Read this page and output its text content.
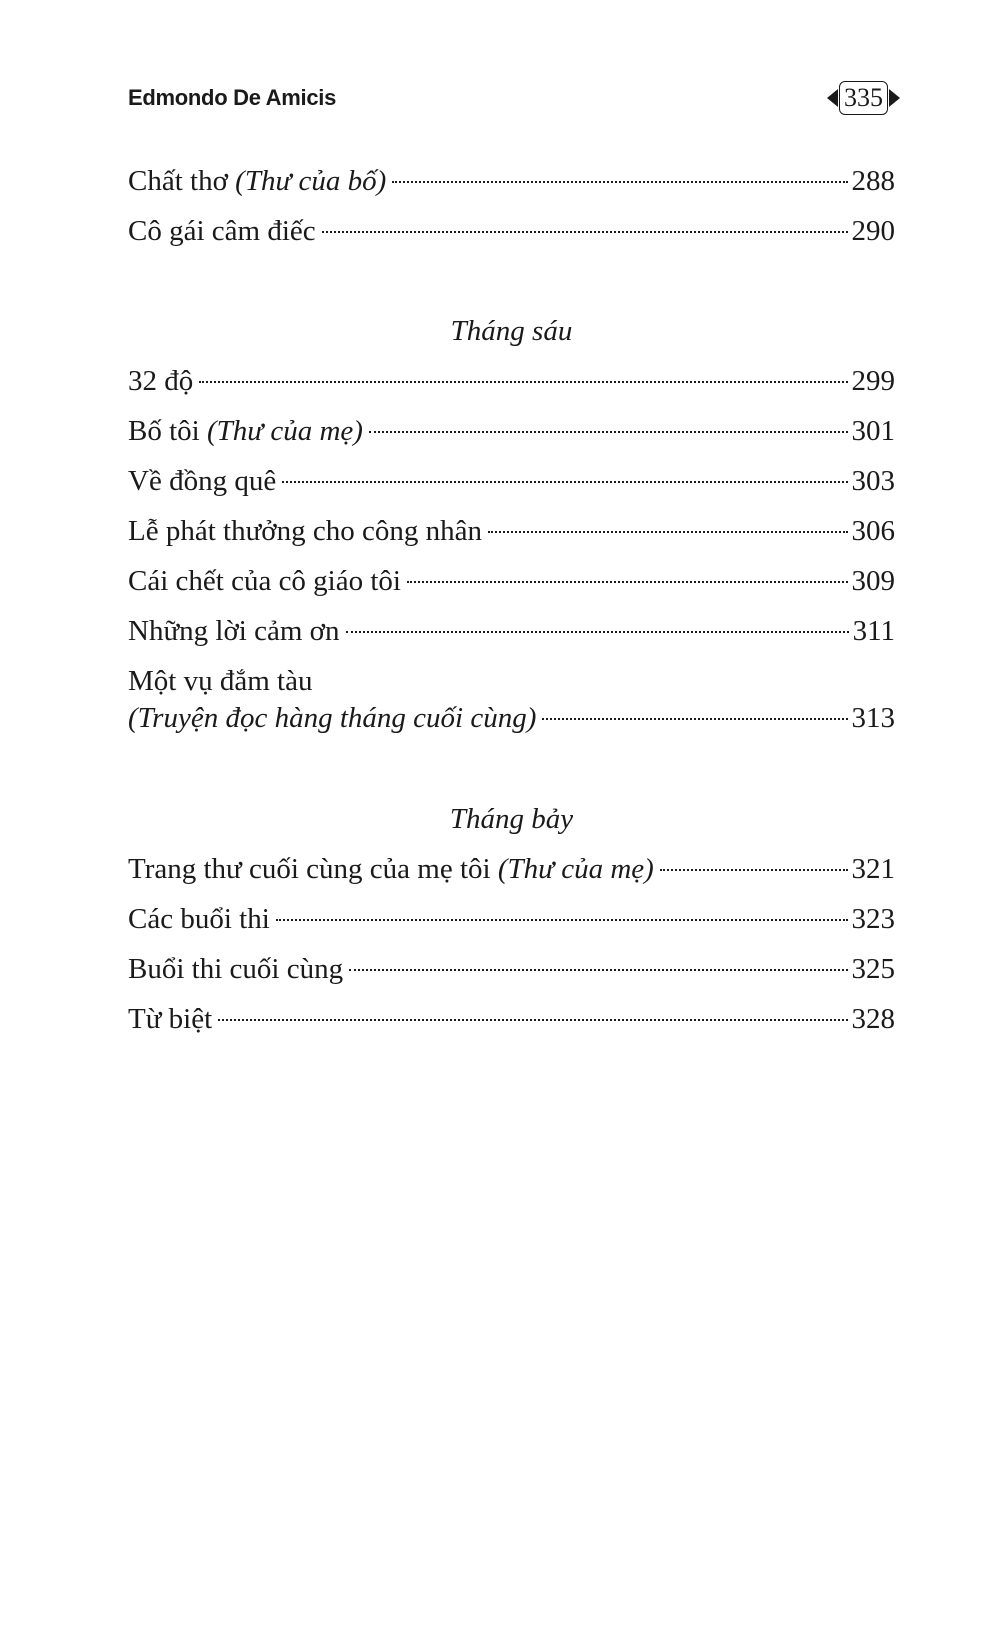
Edmondo De Amicis	335
Chất thơ (Thư của bố)	288
Cô gái câm điếc	290
Tháng sáu
32 độ	299
Bố tôi (Thư của mẹ)	301
Về đồng quê	303
Lễ phát thưởng cho công nhân	306
Cái chết của cô giáo tôi	309
Những lời cảm ơn	311
Một vụ đắm tàu
(Truyện đọc hàng tháng cuối cùng)	313
Tháng bảy
Trang thư cuối cùng của mẹ tôi (Thư của mẹ)	321
Các buổi thi	323
Buổi thi cuối cùng	325
Từ biệt	328
